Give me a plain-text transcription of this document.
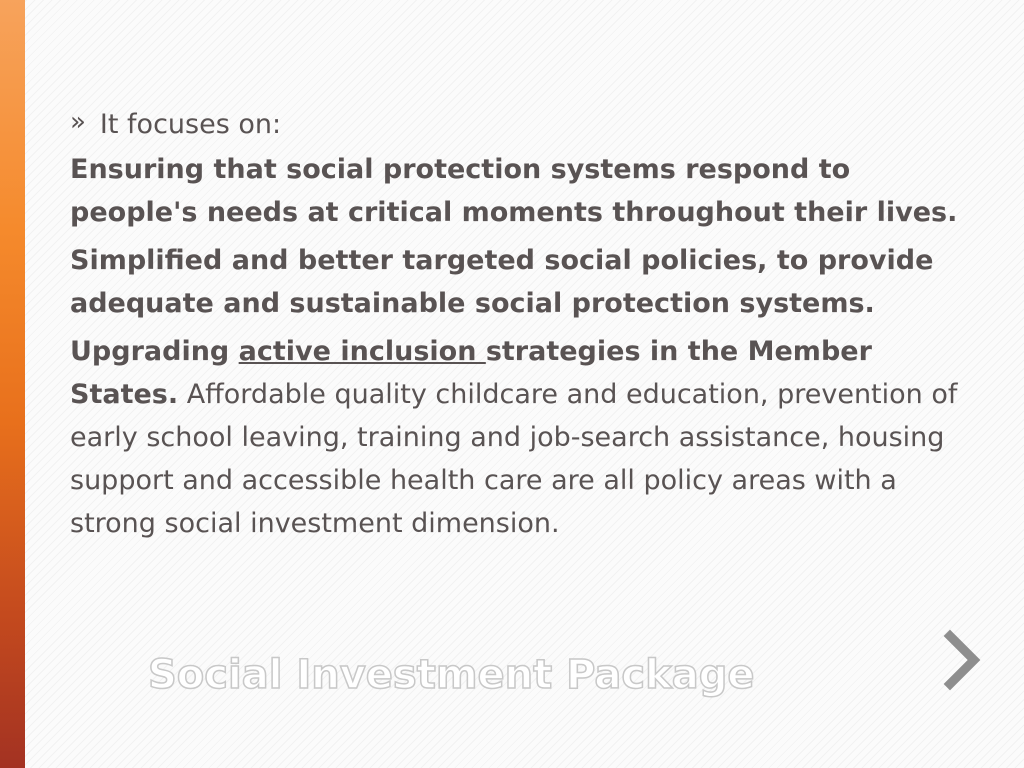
» It focuses on:

Ensuring that social protection systems respond to people's needs at critical moments throughout their lives.

Simplified and better targeted social policies, to provide adequate and sustainable social protection systems.

Upgrading active inclusion strategies in the Member States. Affordable quality childcare and education, prevention of early school leaving, training and job-search assistance, housing support and accessible health care are all policy areas with a strong social investment dimension.

Social Investment Package
